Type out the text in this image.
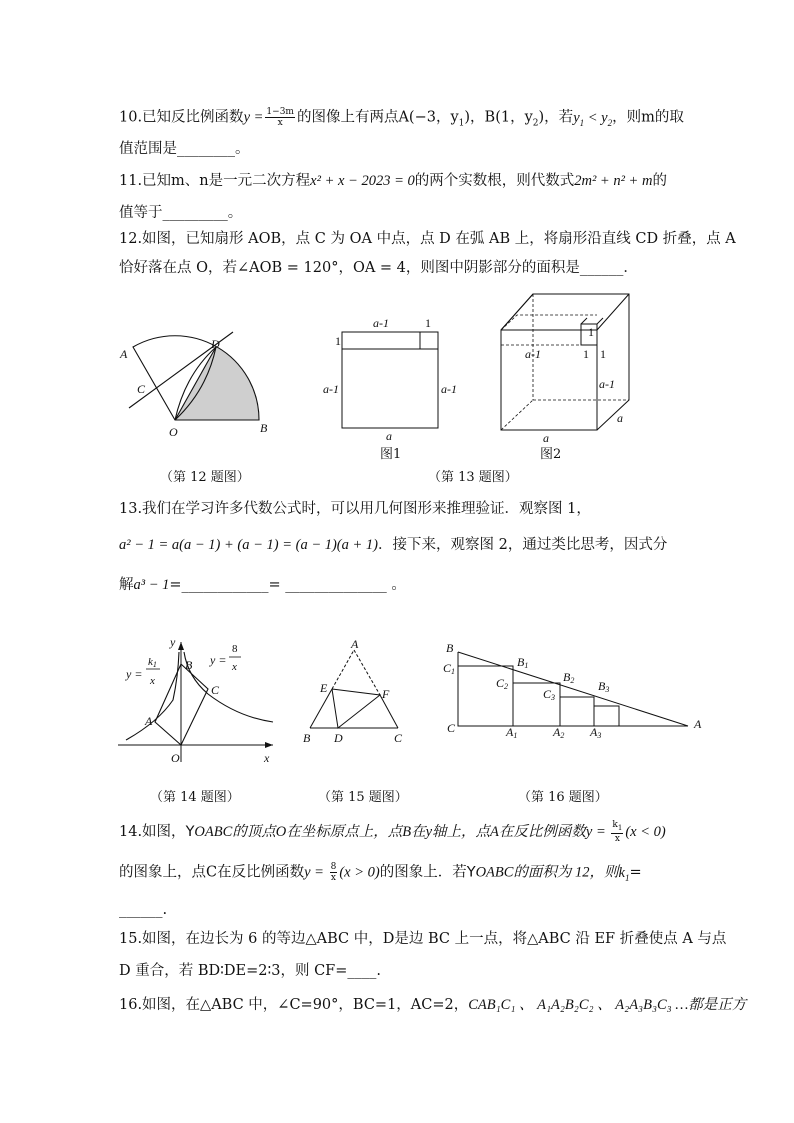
10.已知反比例函数$y = \frac{1-3m}{x}$ 的图像上有两点A(−3，$y_1$)，B(1，$y_2$)，若$y_1 < y_2$，则m的取
值范围是________。
11.已知m、n是一元二次方程x² + x − 2023 = 0的两个实数根，则代数式2m² + n² + m的
值等于_________。
12.如图，已知扇形 AOB，点 C 为 OA 中点，点 D 在弧 AB 上，将扇形沿直线 CD 折叠，点 A
恰好落在点 O，若∠AOB = 120°，OA = 4，则图中阴影部分的面积是______．
A
C
D
O	B
a-1	1
1
a-1	a-1
a
a-1	1 1
1
a-1
a
a
图1	图2
（第 12 题图）	（第 13 题图）
13.我们在学习许多代数公式时，可以用几何图形来推理验证．观察图 1，
a² − 1 = a(a − 1) + (a − 1) = (a − 1)(a + 1)．接下来，观察图 2，通过类比思考，因式分
解a³ − 1=____________= ______________ 。
y
x
O
A
B
C
y =
k1
x
y =
8
x
A
E	F
B D	C
B
C1
B1
C2
B2
C3
B3
C	A1	A2 A3
A
（第 14 题图）	（第 15 题图）	（第 16 题图）
14.如图，YOABC的顶点O在坐标原点上，点B在y轴上，点A在反比例函数$y = \frac{k_1}{x} (x < 0)$
的图象上，点C在反比例函数$y = \frac{8}{x} (x > 0)$的图象上．若YOABC的面积为 12，则$k_1=$
______.
15.如图，在边长为 6 的等边△ABC 中，D是边 BC 上一点，将△ABC 沿 EF 折叠使点 A 与点
D 重合，若 BD∶DE=2∶3，则 CF=____.
16.如图，在△ABC 中，∠C=90°，BC=1，AC=2，CAB₁C₁ 、 A₁A₂B₂C₂ 、 A₂A₃B₃C₃ …都是正方
